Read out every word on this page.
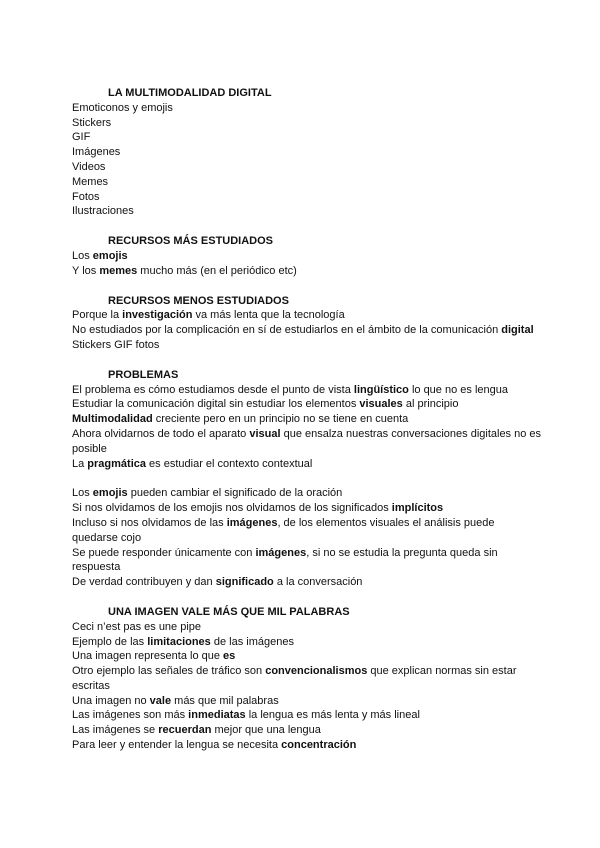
LA MULTIMODALIDAD DIGITAL
Emoticonos y emojis
Stickers
GIF
Imágenes
Videos
Memes
Fotos
Ilustraciones
RECURSOS MÁS ESTUDIADOS
Los emojis
Y los memes mucho más (en el periódico etc)
RECURSOS MENOS ESTUDIADOS
Porque la investigación va más lenta que la tecnología
No estudiados por la complicación en sí de estudiarlos en el ámbito de la comunicación digital
Stickers GIF fotos
PROBLEMAS
El problema es cómo estudiamos desde el punto de vista lingüístico lo que no es lengua
Estudiar la comunicación digital sin estudiar los elementos visuales al principio
Multimodalidad creciente pero en un principio no se tiene en cuenta
Ahora olvidarnos de todo el aparato visual que ensalza nuestras conversaciones digitales no es posible
La pragmática es estudiar el contexto contextual
Los emojis pueden cambiar el significado de la oración
Si nos olvidamos de los emojis nos olvidamos de los significados implícitos
Incluso si nos olvidamos de las imágenes, de los elementos visuales el análisis puede quedarse cojo
Se puede responder únicamente con imágenes, si no se estudia la pregunta queda sin respuesta
De verdad contribuyen y dan significado a la conversación
UNA IMAGEN VALE MÁS QUE MIL PALABRAS
Ceci n’est pas es une pipe
Ejemplo de las limitaciones de las imágenes
Una imagen representa lo que es
Otro ejemplo las señales de tráfico son convencionalismos que explican normas sin estar escritas
Una imagen no vale más que mil palabras
Las imágenes son más inmediatas la lengua es más lenta y más lineal
Las imágenes se recuerdan mejor que una lengua
Para leer y entender la lengua se necesita concentración
